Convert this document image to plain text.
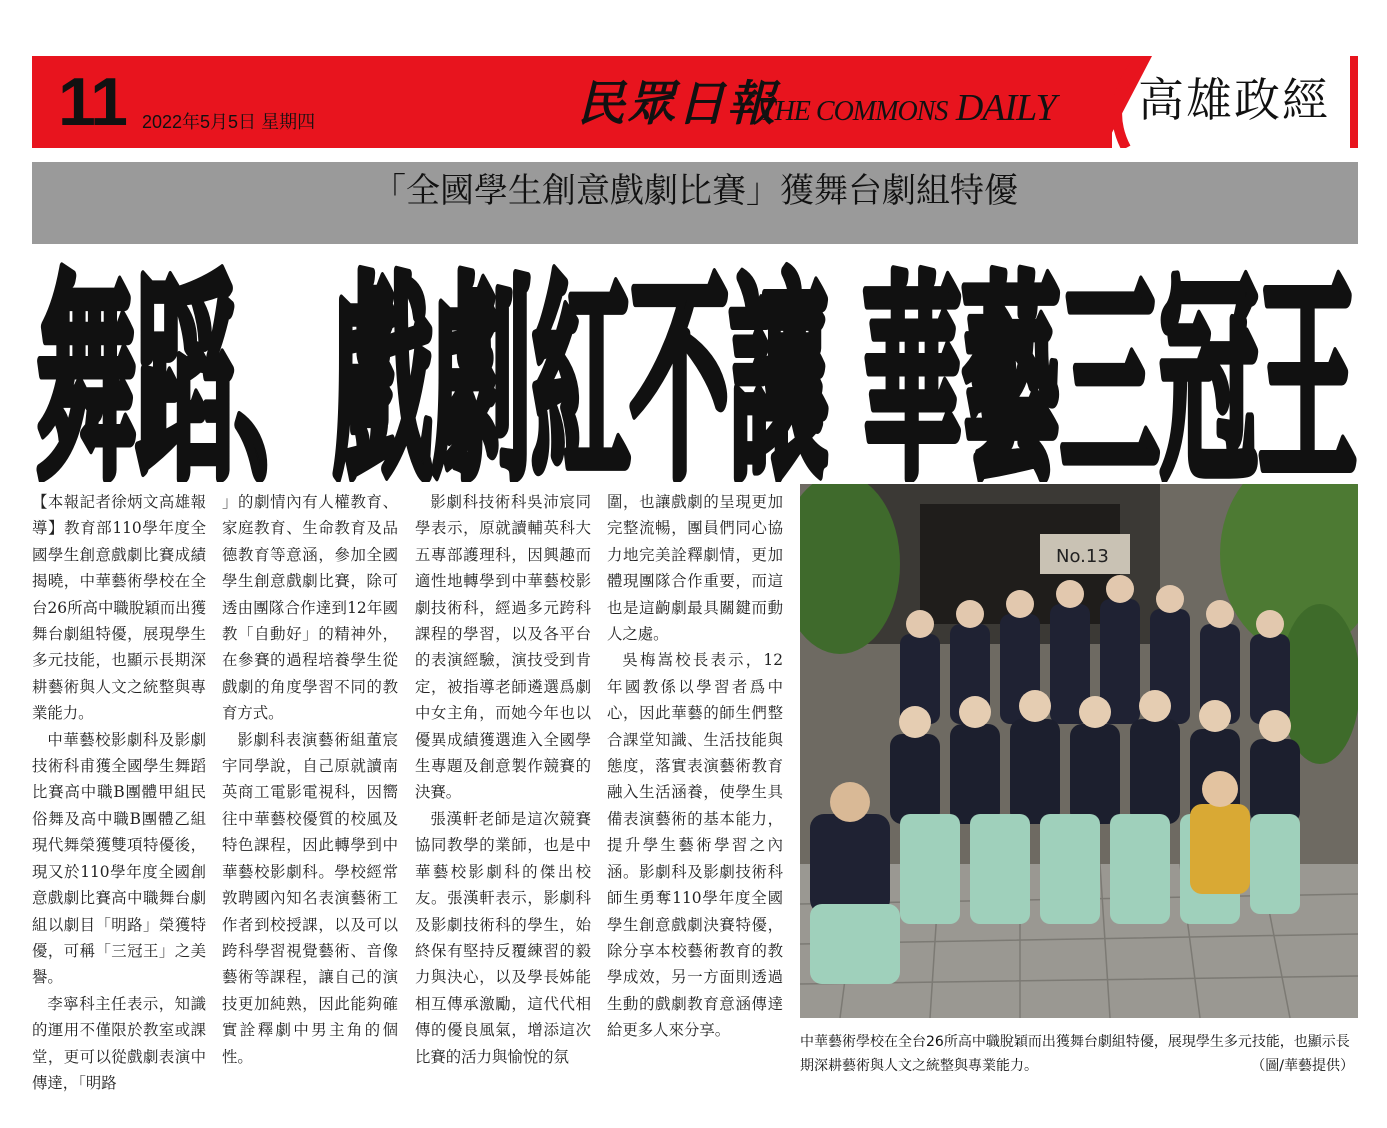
11 2022年5月5日 星期四	民眾日報
THE COMMONS DAILY 高雄政經
「全國學生創意戲劇比賽」獲舞台劇組特優
舞蹈、戲劇紅不讓 華藝三冠王

【本報記者徐炳文高雄報導】教育部110學年度全國學生創意戲劇比賽成績揭曉，中華藝術學校在全台26所高中職脫穎而出獲舞台劇組特優，展現學生多元技能，也顯示長期深耕藝術與人文之統整與專業能力。

中華藝校影劇科及影劇技術科甫獲全國學生舞蹈比賽高中職B團體甲組民俗舞及高中職B團體乙組現代舞榮獲雙項特優後，現又於110學年度全國創意戲劇比賽高中職舞台劇組以劇目「明路」榮獲特優，可稱「三冠王」之美譽。

李寧科主任表示，知識的運用不僅限於教室或課堂，更可以從戲劇表演中傳達，「明路

」的劇情內有人權教育、家庭教育、生命教育及品德教育等意涵，參加全國學生創意戲劇比賽，除可透由團隊合作達到12年國教「自動好」的精神外，在參賽的過程培養學生從戲劇的角度學習不同的教育方式。

影劇科表演藝術組董宸宇同學說，自己原就讀南英商工電影電視科，因嚮往中華藝校優質的校風及特色課程，因此轉學到中華藝校影劇科。學校經常敦聘國內知名表演藝術工作者到校授課，以及可以跨科學習視覺藝術、音像藝術等課程，讓自己的演技更加純熟，因此能夠確實詮釋劇中男主角的個性。

影劇科技術科吳沛宸同學表示，原就讀輔英科大五專部護理科，因興趣而適性地轉學到中華藝校影劇技術科，經過多元跨科課程的學習，以及各平台的表演經驗，演技受到肯定，被指導老師遴選爲劇中女主角，而她今年也以優異成績獲選進入全國學生專題及創意製作競賽的決賽。

張漢軒老師是這次競賽協同教學的業師，也是中華藝校影劇科的傑出校友。張漢軒表示，影劇科及影劇技術科的學生，始終保有堅持反覆練習的毅力與決心，以及學長姊能相互傳承激勵，這代代相傳的優良風氣，增添這次比賽的活力與愉悅的氛

圍，也讓戲劇的呈現更加完整流暢，團員們同心協力地完美詮釋劇情，更加體現團隊合作重要，而這也是這齣劇最具關鍵而動人之處。

吳梅嵩校長表示，12 年國教係以學習者爲中心，因此華藝的師生們整合課堂知識、生活技能與態度，落實表演藝術教育融入生活涵養，使學生具備表演藝術的基本能力，提升學生藝術學習之內涵。影劇科及影劇技術科師生勇奪110學年度全國學生創意戲劇決賽特優，除分享本校藝術教育的教學成效，另一方面則透過生動的戲劇教育意涵傳達給更多人來分享。

No.13
中華藝術學校在全台26所高中職脫穎而出獲舞台劇組特優，展現學生多元技能，也顯示長期深耕藝術與人文之統整與專業能力。	（圖/華藝提供）
